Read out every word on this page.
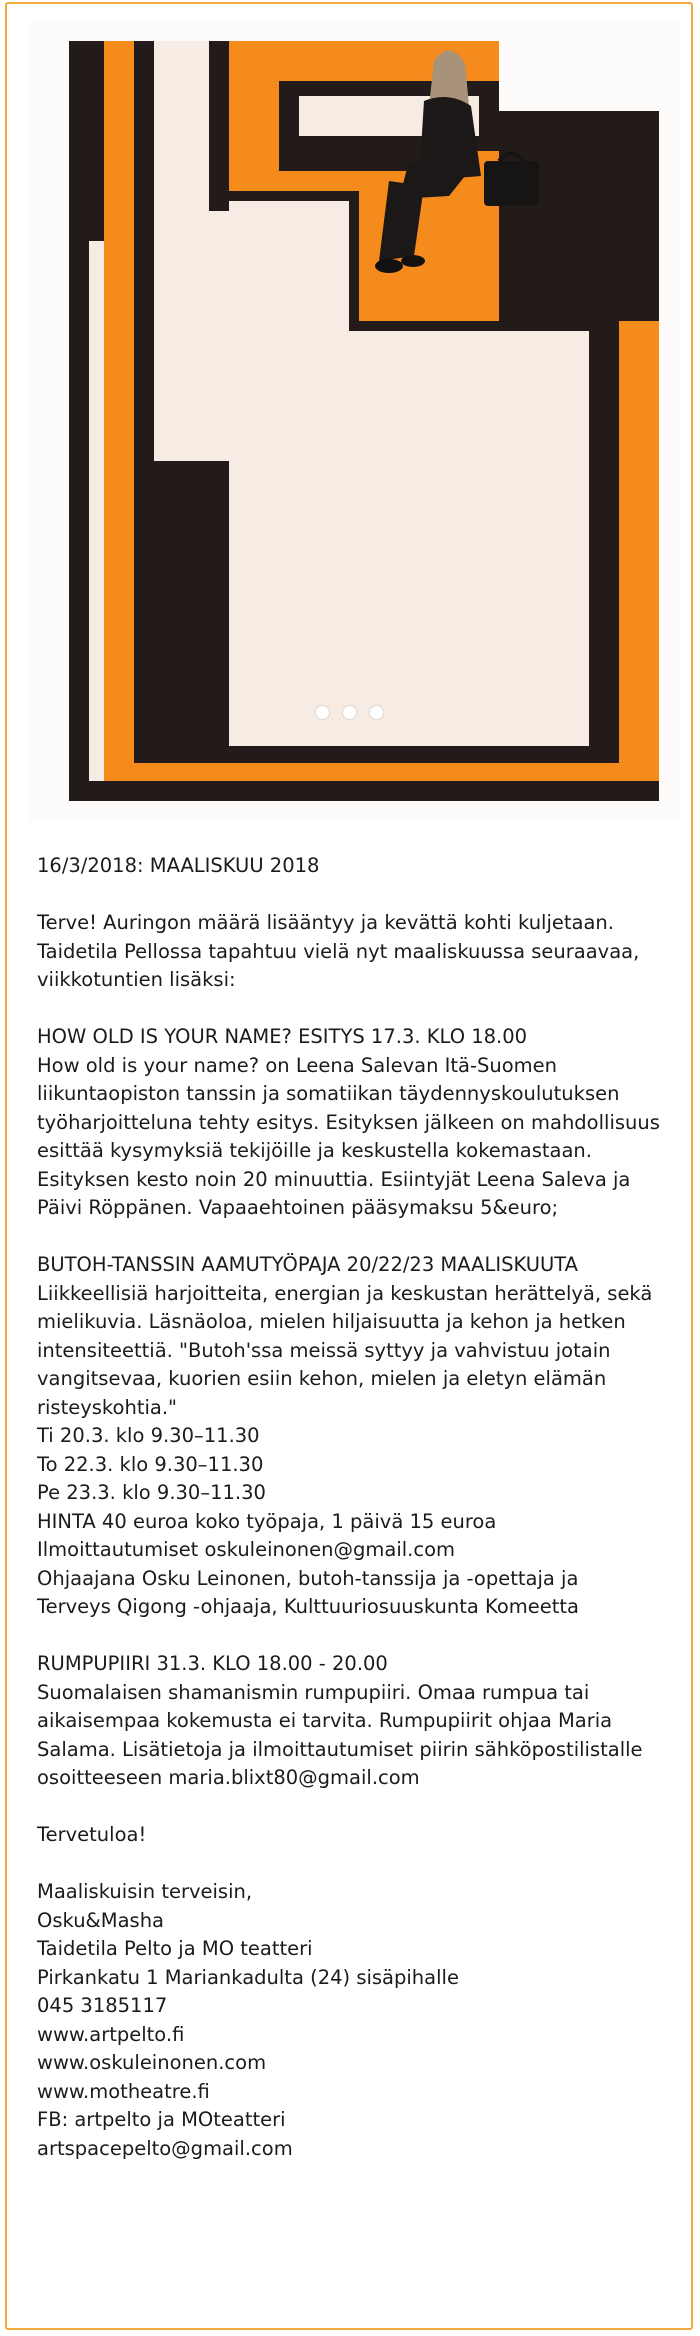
16/3/2018: MAALISKUU 2018

Terve! Auringon määrä lisääntyy ja kevättä kohti kuljetaan.
Taidetila Pellossa tapahtuu vielä nyt maaliskuussa seuraavaa,
viikkotuntien lisäksi:

HOW OLD IS YOUR NAME? ESITYS 17.3. KLO 18.00
How old is your name? on Leena Salevan Itä-Suomen
liikuntaopiston tanssin ja somatiikan täydennyskoulutuksen
työharjoitteluna tehty esitys. Esityksen jälkeen on mahdollisuus
esittää kysymyksiä tekijöille ja keskustella kokemastaan.
Esityksen kesto noin 20 minuuttia. Esiintyjät Leena Saleva ja
Päivi Röppänen. Vapaaehtoinen pääsymaksu 5&euro;

BUTOH-TANSSIN AAMUTYÖPAJA 20/22/23 MAALISKUUTA
Liikkeellisiä harjoitteita, energian ja keskustan herättelyä, sekä
mielikuvia. Läsnäoloa, mielen hiljaisuutta ja kehon ja hetken
intensiteettiä. "Butoh'ssa meissä syttyy ja vahvistuu jotain
vangitsevaa, kuorien esiin kehon, mielen ja eletyn elämän
risteyskohtia."
Ti 20.3. klo 9.30–11.30
To 22.3. klo 9.30–11.30
Pe 23.3. klo 9.30–11.30
HINTA 40 euroa koko työpaja, 1 päivä 15 euroa
Ilmoittautumiset oskuleinonen@gmail.com
Ohjaajana Osku Leinonen, butoh-tanssija ja -opettaja ja
Terveys Qigong -ohjaaja, Kulttuuriosuuskunta Komeetta

RUMPUPIIRI 31.3. KLO 18.00 - 20.00
Suomalaisen shamanismin rumpupiiri. Omaa rumpua tai
aikaisempaa kokemusta ei tarvita. Rumpupiirit ohjaa Maria
Salama. Lisätietoja ja ilmoittautumiset piirin sähköpostilistalle
osoitteeseen maria.blixt80@gmail.com

Tervetuloa!

Maaliskuisin terveisin,
Osku&Masha
Taidetila Pelto ja MO teatteri
Pirkankatu 1 Mariankadulta (24) sisäpihalle
045 3185117
www.artpelto.fi
www.oskuleinonen.com
www.motheatre.fi
FB: artpelto ja MOteatteri
artspacepelto@gmail.com
